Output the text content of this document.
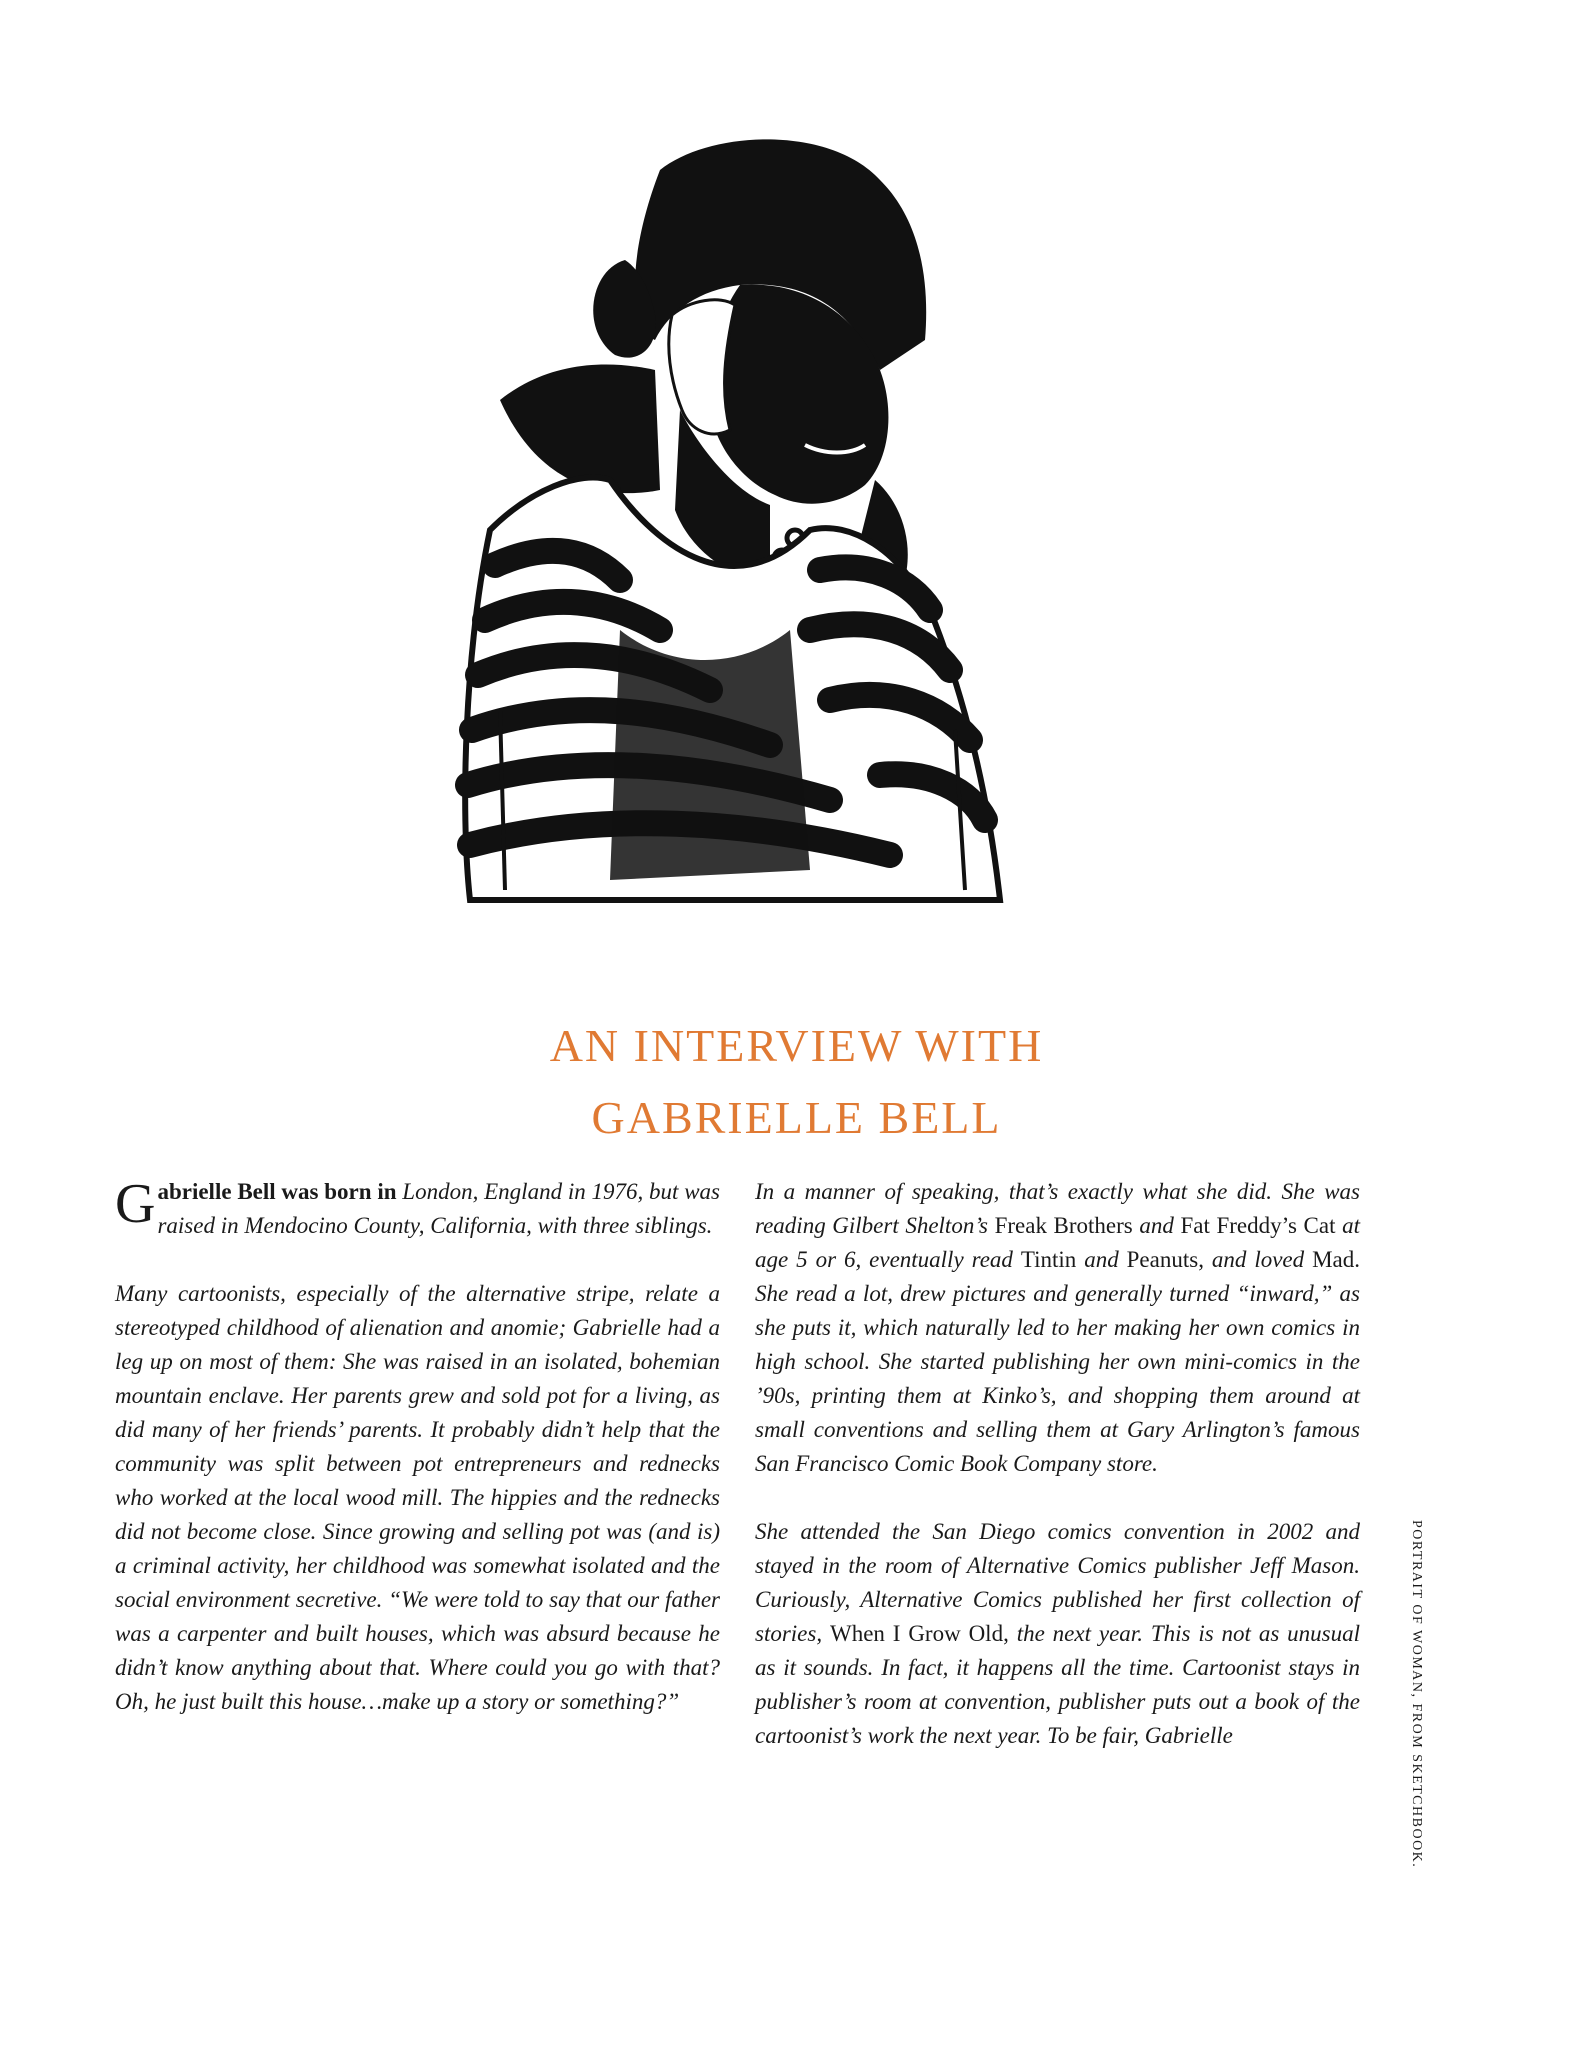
AN INTERVIEW WITH
GABRIELLE BELL

Gabrielle Bell was born in London, England in 1976, but was raised in Mendocino County, California, with three siblings.

Many cartoonists, especially of the alternative stripe, relate a stereotyped childhood of alienation and anomie; Gabrielle had a leg up on most of them: She was raised in an isolated, bohemian mountain enclave. Her parents grew and sold pot for a living, as did many of her friends’ parents. It probably didn’t help that the community was split between pot entrepreneurs and rednecks who worked at the local wood mill. The hippies and the rednecks did not become close. Since growing and selling pot was (and is) a criminal activity, her childhood was somewhat isolated and the social environment secretive. “We were told to say that our father was a carpenter and built houses, which was absurd because he didn’t know anything about that. Where could you go with that? Oh, he just built this house…make up a story or something?”

In a manner of speaking, that’s exactly what she did. She was reading Gilbert Shelton’s Freak Brothers and Fat Freddy’s Cat at age 5 or 6, eventually read Tintin and Peanuts, and loved Mad. She read a lot, drew pictures and generally turned “inward,” as she puts it, which naturally led to her making her own comics in high school. She started publishing her own mini-comics in the ’90s, printing them at Kinko’s, and shopping them around at small conventions and selling them at Gary Arlington’s famous San Francisco Comic Book Company store.

She attended the San Diego comics convention in 2002 and stayed in the room of Alternative Comics publisher Jeff Mason. Curiously, Alternative Comics published her first collection of stories, When I Grow Old, the next year. This is not as unusual as it sounds. In fact, it happens all the time. Cartoonist stays in publisher’s room at convention, publisher puts out a book of the cartoonist’s work the next year. To be fair, Gabrielle	PORTRAIT OF WOMAN, FROM SKETCHBOOK.
